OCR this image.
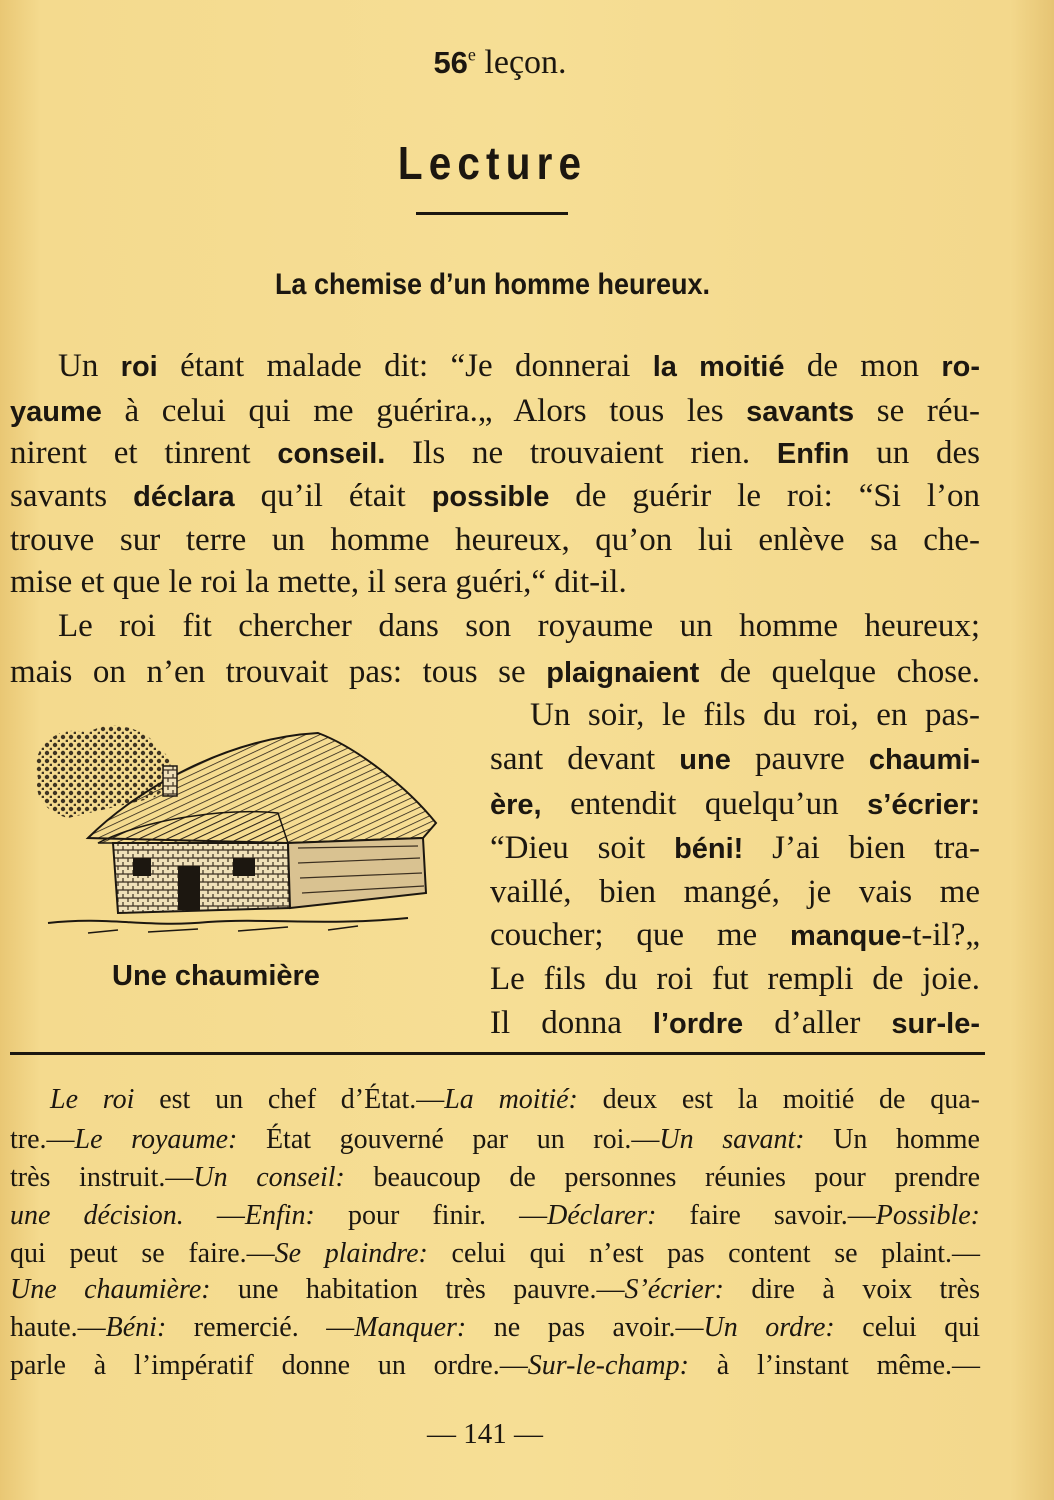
56e leçon.
Lecture
La chemise d’un homme heureux.
Un roi étant malade dit: “Je donnerai la moitié de mon ro-
yaume à celui qui me guérira.„ Alors tous les savants se réu-
nirent et tinrent conseil. Ils ne trouvaient rien. Enfin un des
savants déclara qu’il était possible de guérir le roi: “Si l’on
trouve sur terre un homme heureux, qu’on lui enlève sa che-
mise et que le roi la mette, il sera guéri,“ dit-il.
Le roi fit chercher dans son royaume un homme heureux;
mais on n’en trouvait pas: tous se plaignaient de quelque chose.
Un soir, le fils du roi, en pas-
sant devant une pauvre chaumi-
ère, entendit quelqu’un s’écrier:
“Dieu soit béni! J’ai bien tra-
vaillé, bien mangé, je vais me
coucher; que me manque-t-il?„
Le fils du roi fut rempli de joie.
Il donna l’ordre d’aller sur-le-
Une chaumière
Le roi est un chef d’État.—La moitié: deux est la moitié de qua-
tre.—Le royaume: État gouverné par un roi.—Un savant: Un homme
très instruit.—Un conseil: beaucoup de personnes réunies pour prendre
une décision. —Enfin: pour finir. —Déclarer: faire savoir.—Possible:
qui peut se faire.—Se plaindre: celui qui n’est pas content se plaint.—
Une chaumière: une habitation très pauvre.—S’écrier: dire à voix très
haute.—Béni: remercié. —Manquer: ne pas avoir.—Un ordre: celui qui
parle à l’impératif donne un ordre.—Sur-le-champ: à l’instant même.—
— 141 —
